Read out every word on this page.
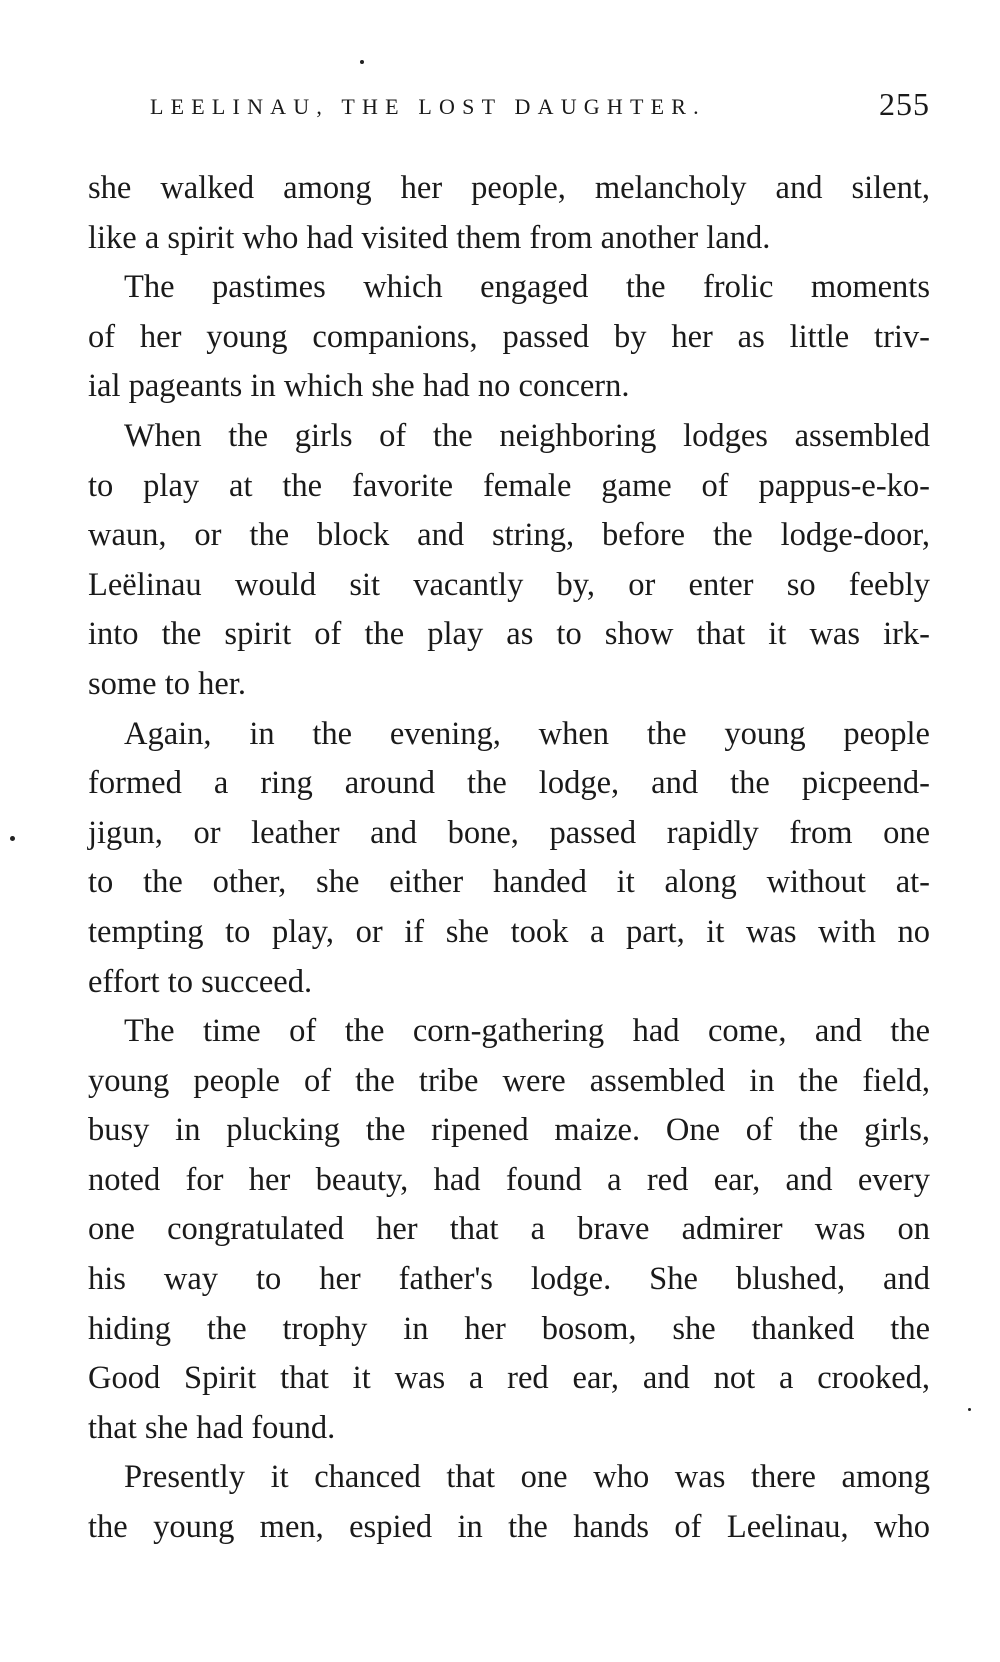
LEELINAU, THE LOST DAUGHTER.	255

she walked among her people, melancholy and silent,
like a spirit who had visited them from another land.

The pastimes which engaged the frolic moments
of her young companions, passed by her as little triv-
ial pageants in which she had no concern.

When the girls of the neighboring lodges assembled
to play at the favorite female game of pappus-e-ko-
waun, or the block and string, before the lodge-door,
Leëlinau would sit vacantly by, or enter so feebly
into the spirit of the play as to show that it was irk-
some to her.

Again, in the evening, when the young people
formed a ring around the lodge, and the picpeend-
jigun, or leather and bone, passed rapidly from one
to the other, she either handed it along without at-
tempting to play, or if she took a part, it was with no
effort to succeed.

The time of the corn-gathering had come, and the
young people of the tribe were assembled in the field,
busy in plucking the ripened maize. One of the girls,
noted for her beauty, had found a red ear, and every
one congratulated her that a brave admirer was on
his way to her father's lodge. She blushed, and
hiding the trophy in her bosom, she thanked the
Good Spirit that it was a red ear, and not a crooked,
that she had found.

Presently it chanced that one who was there among
the young men, espied in the hands of Leelinau, who
